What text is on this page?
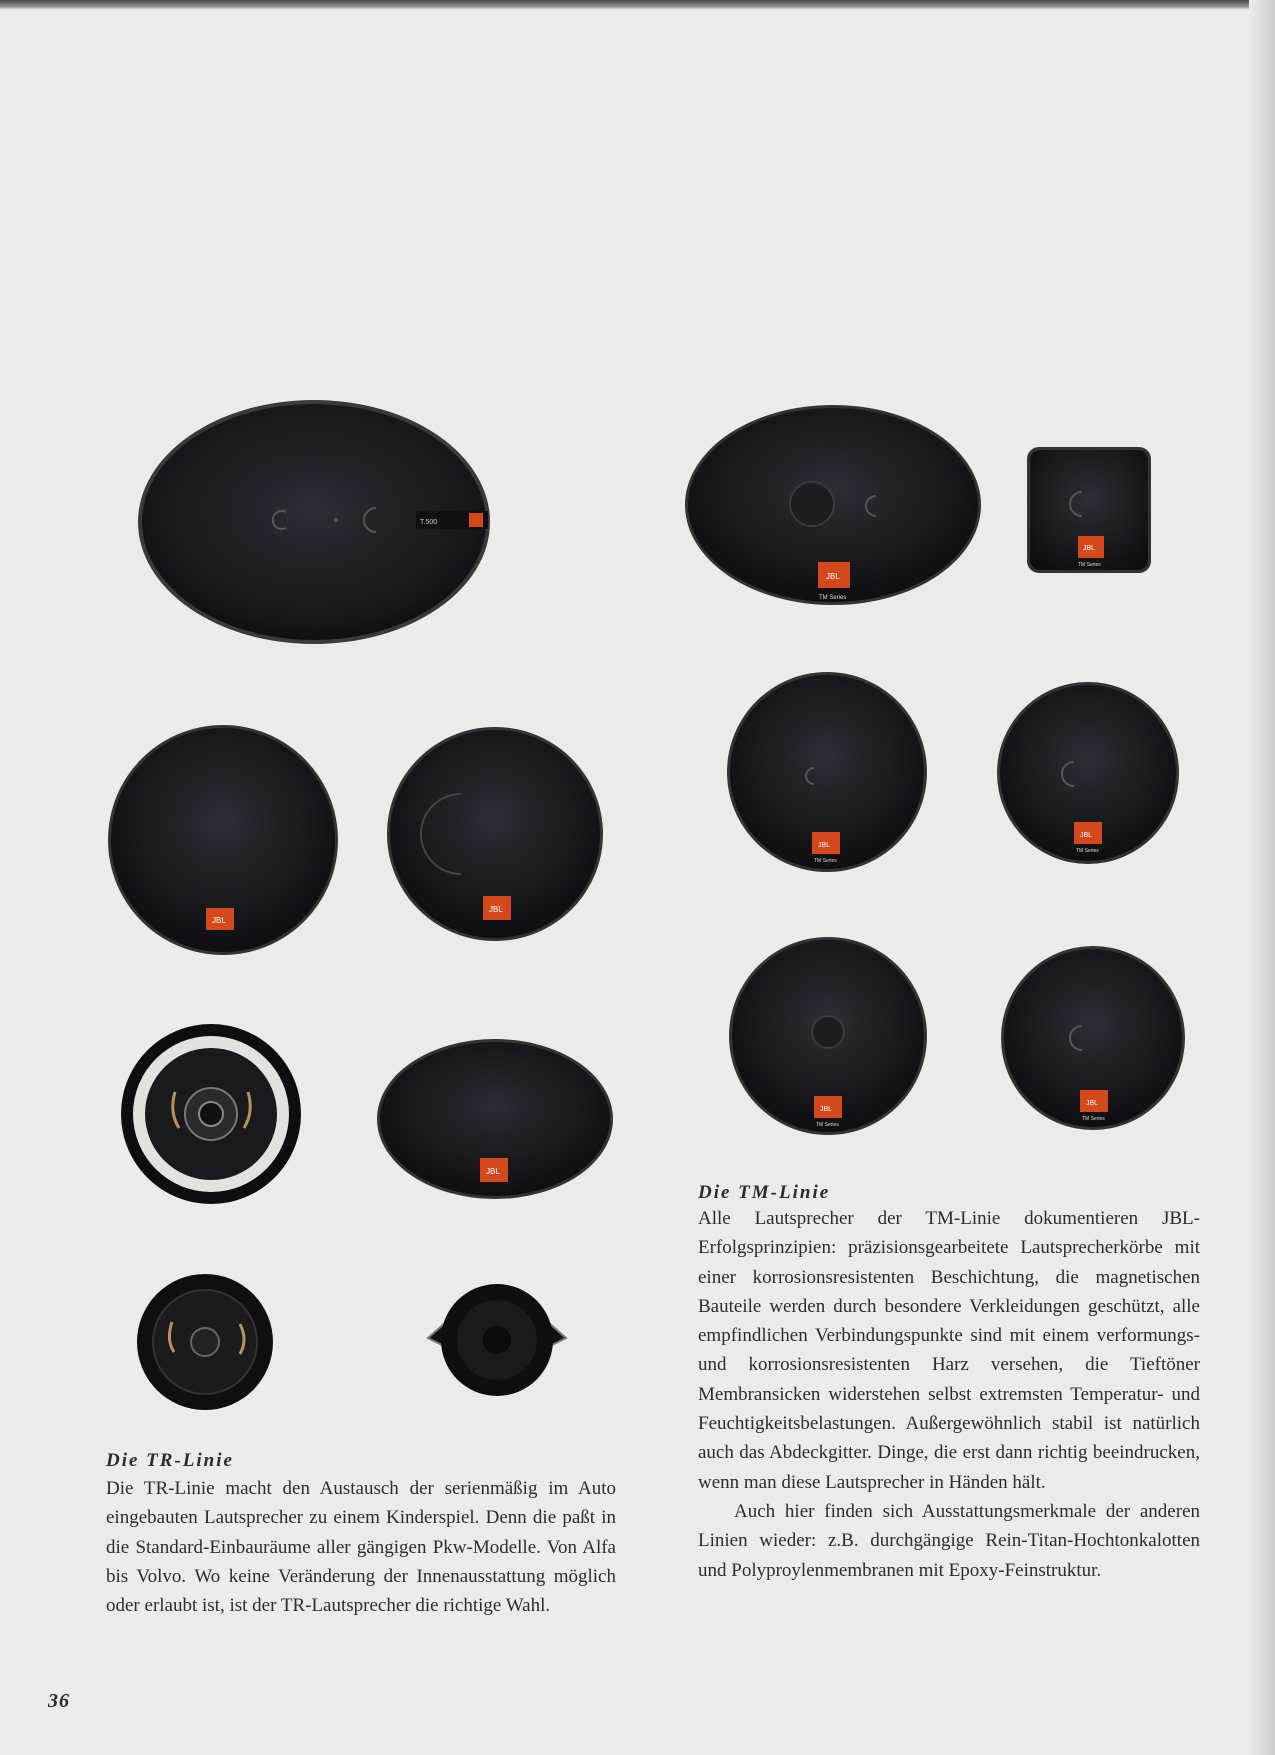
T.500
JBL
JBL
JBL
JBL
TM Series
JBL
TM Series
JBL
TM Series
JBL
TM Series
JBL
TM Series
JBL
TM Series
Die TR-Linie

Die TR-Linie macht den Austausch der serienmäßig im Auto eingebauten Lautsprecher zu einem Kinderspiel. Denn die paßt in die Standard-Einbauräume aller gängigen Pkw-Modelle. Von Alfa bis Volvo. Wo keine Veränderung der Innenausstattung möglich oder erlaubt ist, ist der TR-Lautsprecher die richtige Wahl.

Die TM-Linie

Alle Lautsprecher der TM-Linie dokumentieren JBL-Erfolgsprinzipien: präzisionsgearbeitete Lautsprecherkörbe mit einer korrosionsresistenten Beschichtung, die magnetischen Bauteile werden durch besondere Verkleidungen geschützt, alle empfindlichen Verbindungspunkte sind mit einem verformungs- und korrosionsresistenten Harz versehen, die Tieftöner Membransicken widerstehen selbst extremsten Temperatur- und Feuchtigkeitsbelastungen. Außergewöhnlich stabil ist natürlich auch das Abdeckgitter. Dinge, die erst dann richtig beeindrucken, wenn man diese Lautsprecher in Händen hält.

Auch hier finden sich Ausstattungsmerkmale der anderen Linien wieder: z.B. durchgängige Rein-Titan-Hochtonkalotten und Polyproylenmembranen mit Epoxy-Feinstruktur.

36
